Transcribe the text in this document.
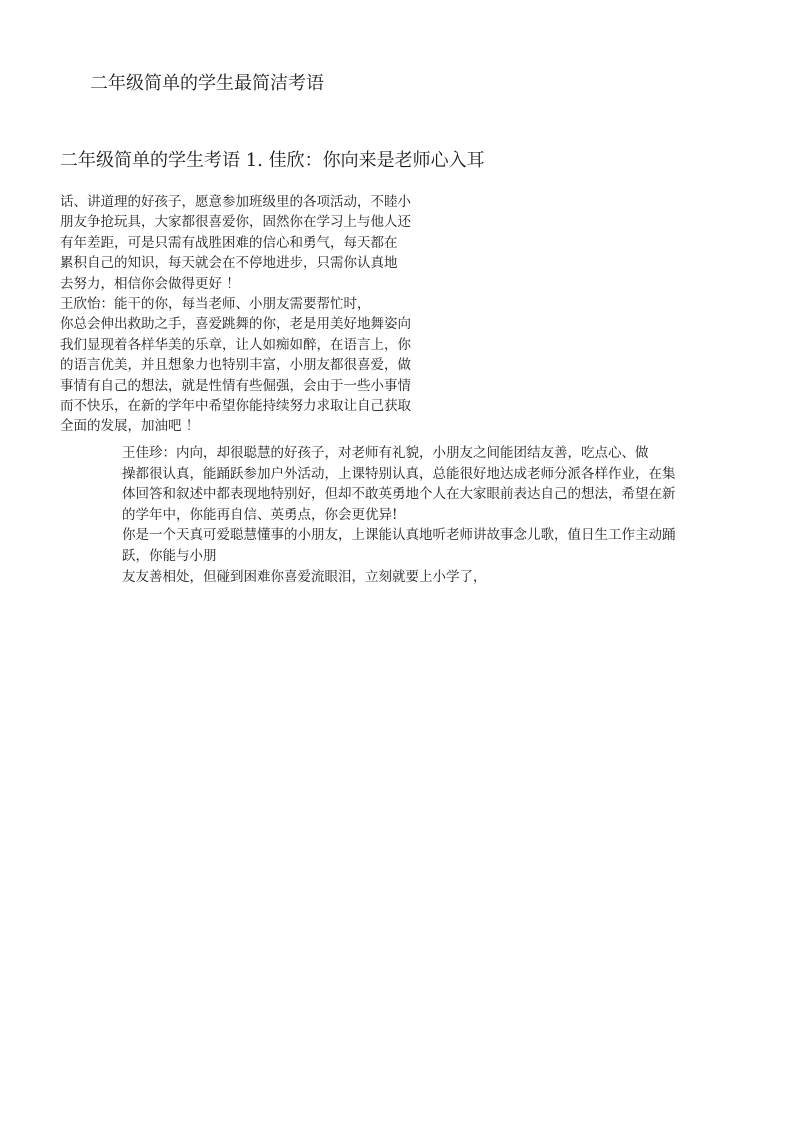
二年级简单的学生最简洁考语
二年级简单的学生考语 1. 佳欣：你向来是老师心入耳
话、讲道理的好孩子，愿意参加班级里的各项活动，不睦小
朋友争抢玩具，大家都很喜爱你，固然你在学习上与他人还
有年差距，可是只需有战胜困难的信心和勇气，每天都在
累积自己的知识，每天就会在不停地进步，只需你认真地
去努力，相信你会做得更好 ！
王欣怡：能干的你，每当老师、小朋友需要帮忙时，
你总会伸出救助之手，喜爱跳舞的你，老是用美好地舞姿向
我们显现着各样华美的乐章，让人如痴如醉，在语言上，你
的语言优美，并且想象力也特别丰富，小朋友都很喜爱，做
事情有自己的想法，就是性情有些倔强，会由于一些小事情
而不快乐，在新的学年中希望你能持续努力求取让自己获取
全面的发展，加油吧 ！
王佳珍：内向，却很聪慧的好孩子，对老师有礼貌，小朋友之间能团结友善，吃点心、做
操都很认真，能踊跃参加户外活动，上课特别认真，总能很好地达成老师分派各样作业，在集
体回答和叙述中都表现地特别好，但却不敢英勇地个人在大家眼前表达自己的想法，希望在新
的学年中，你能再自信、英勇点，你会更优异!
你是一个天真可爱聪慧懂事的小朋友，上课能认真地听老师讲故事念儿歌，值日生工作主动踊
跃，你能与小朋
友友善相处，但碰到困难你喜爱流眼泪，立刻就要上小学了，
